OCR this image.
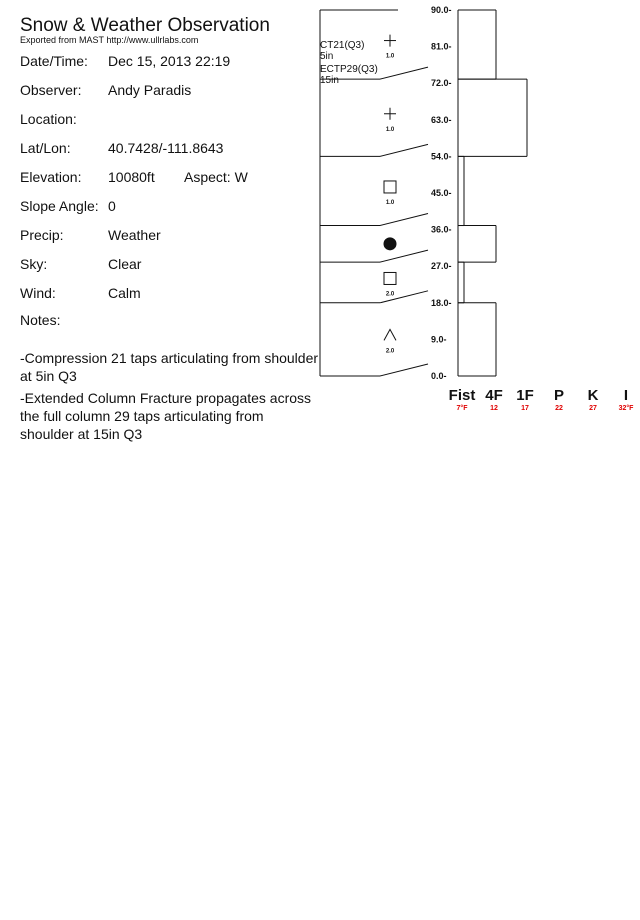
Snow & Weather Observation
Exported from MAST http://www.ullrlabs.com
Date/Time: Dec 15, 2013 22:19
Observer: Andy Paradis
Location:
Lat/Lon:	40.7428/-111.8643
Elevation: 10080ft Aspect: W
Slope Angle: 0
Precip:	Weather
Sky:	Clear
Wind:	Calm
Notes:
-Compression 21 taps articulating from shoulder at 5in Q3
-Extended Column Fracture propagates across the full column 29 taps articulating from shoulder at 15in Q3
1.0
1.0
1.0
2.0
2.0
90.0-
81.0-
72.0-
63.0-
54.0-
45.0-
36.0-
27.0-
18.0-
9.0-
0.0-
CT21(Q3)
5in
ECTP29(Q3)
15in
Fist
7°F
4F
12
1F
17
P
22
K
27
I
32°F
